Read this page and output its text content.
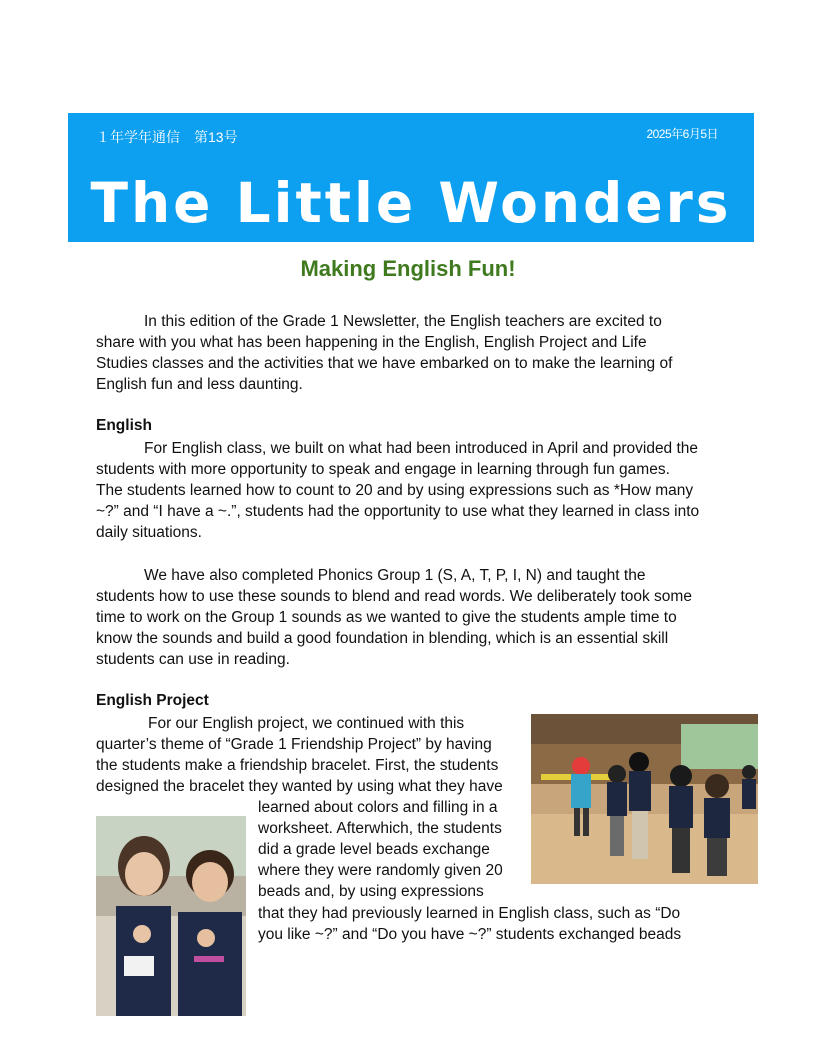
１年学年通信　第13号	2025年6月5日
The Little Wonders
Making English Fun!

In this edition of the Grade 1 Newsletter, the English teachers are excited to

share with you what has been happening in the English, English Project and Life

Studies classes and the activities that we have embarked on to make the learning of

English fun and less daunting.

English

For English class, we built on what had been introduced in April and provided the

students with more opportunity to speak and engage in learning through fun games.

The students learned how to count to 20 and by using expressions such as *How many

~?” and “I have a ~.”, students had the opportunity to use what they learned in class into

daily situations.

We have also completed Phonics Group 1 (S, A, T, P, I, N) and taught the

students how to use these sounds to blend and read words. We deliberately took some

time to work on the Group 1 sounds as we wanted to give the students ample time to

know the sounds and build a good foundation in blending, which is an essential skill

students can use in reading.

English Project

For our English project, we continued with this

quarter’s theme of “Grade 1 Friendship Project” by having

the students make a friendship bracelet. First, the students

designed the bracelet they wanted by using what they have

learned about colors and filling in a

worksheet. Afterwhich, the students

did a grade level beads exchange

where they were randomly given 20

beads and, by using expressions

that they had previously learned in English class, such as “Do

you like ~?” and “Do you have ~?” students exchanged beads
